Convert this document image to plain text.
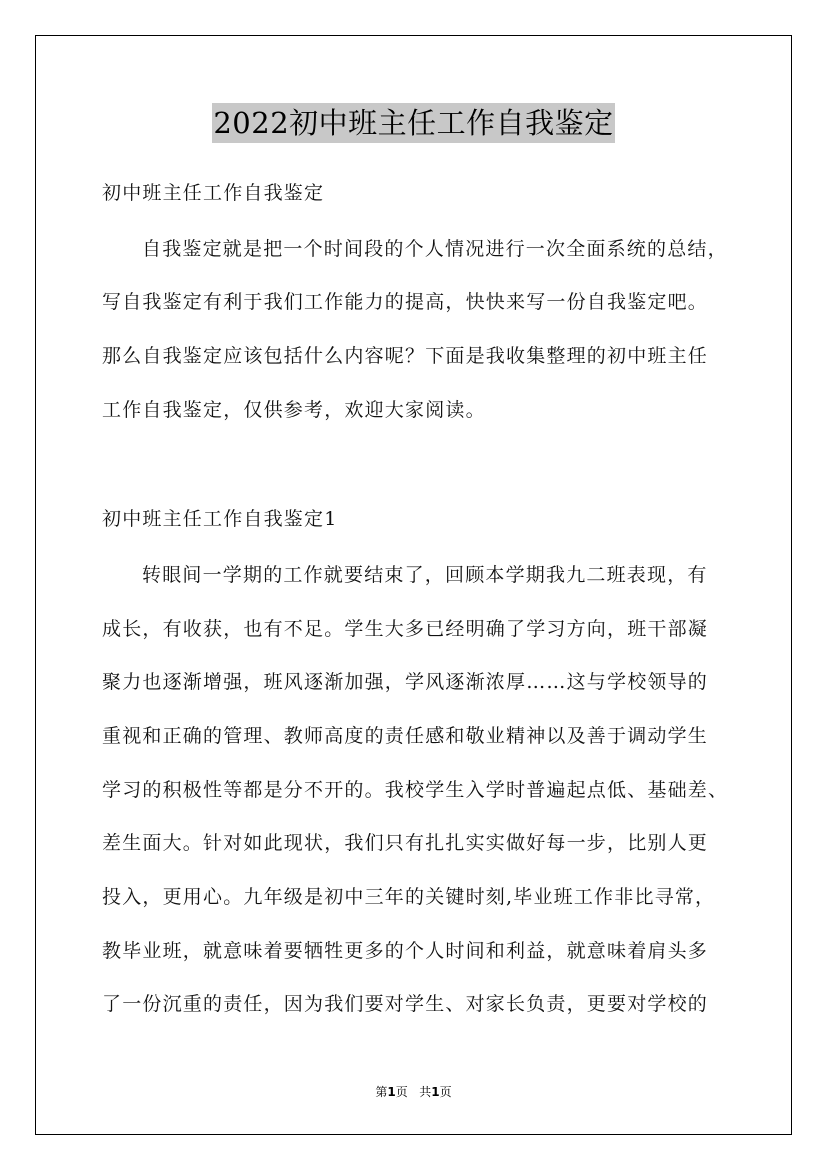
2022初中班主任工作自我鉴定
初中班主任工作自我鉴定
自我鉴定就是把一个时间段的个人情况进行一次全面系统的总结，
写自我鉴定有利于我们工作能力的提高，快快来写一份自我鉴定吧。
那么自我鉴定应该包括什么内容呢？下面是我收集整理的初中班主任
工作自我鉴定，仅供参考，欢迎大家阅读。
初中班主任工作自我鉴定1
转眼间一学期的工作就要结束了，回顾本学期我九二班表现，有
成长，有收获，也有不足。学生大多已经明确了学习方向，班干部凝
聚力也逐渐增强，班风逐渐加强，学风逐渐浓厚……这与学校领导的
重视和正确的管理、教师高度的责任感和敬业精神以及善于调动学生
学习的积极性等都是分不开的。我校学生入学时普遍起点低、基础差、
差生面大。针对如此现状，我们只有扎扎实实做好每一步，比别人更
投入，更用心。九年级是初中三年的关键时刻,毕业班工作非比寻常，
教毕业班，就意味着要牺牲更多的个人时间和利益，就意味着肩头多
了一份沉重的责任，因为我们要对学生、对家长负责，更要对学校的
第1页 共1页
